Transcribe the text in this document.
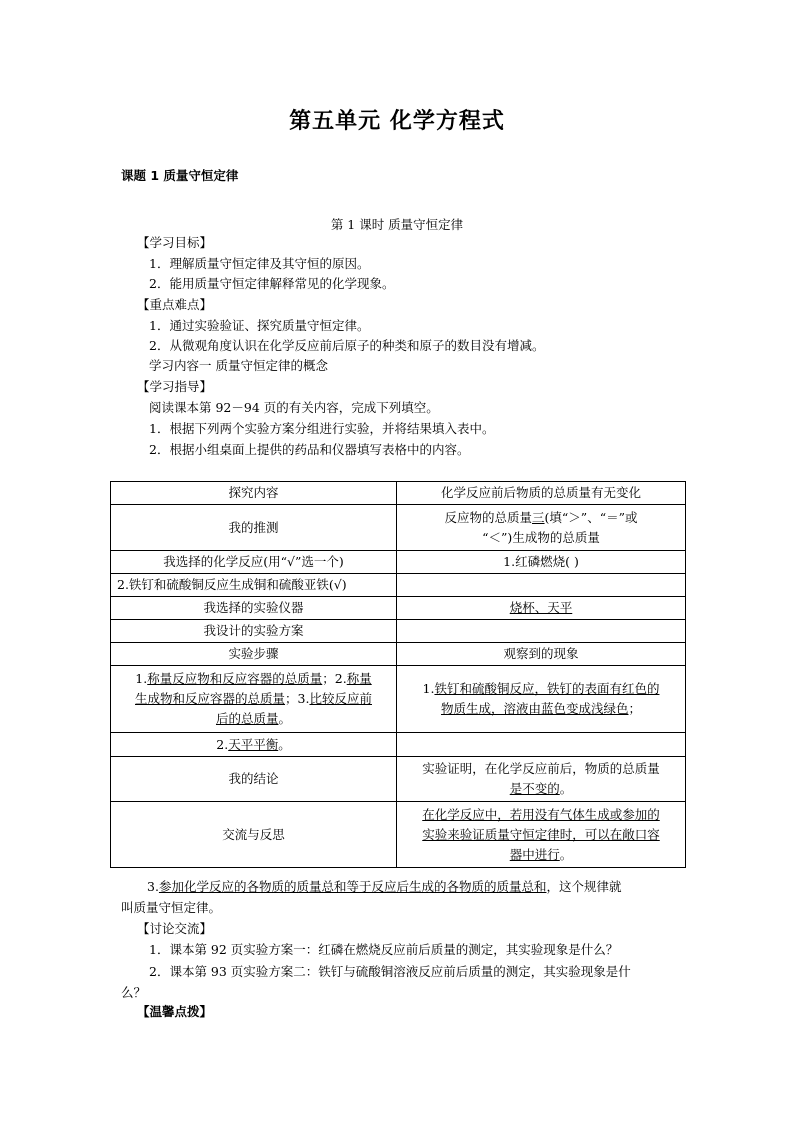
第五单元 化学方程式
课题 1 质量守恒定律
第 1 课时 质量守恒定律
【学习目标】
1．理解质量守恒定律及其守恒的原因。
2．能用质量守恒定律解释常见的化学现象。
【重点难点】
1．通过实验验证、探究质量守恒定律。
2．从微观角度认识在化学反应前后原子的种类和原子的数目没有增减。
学习内容一 质量守恒定律的概念
【学习指导】
阅读课本第 92－94 页的有关内容，完成下列填空。
1．根据下列两个实验方案分组进行实验，并将结果填入表中。
2．根据小组桌面上提供的药品和仪器填写表格中的内容。
探究内容	化学反应前后物质的总质量有无变化
我的推测	反应物的总质量三(填“＞”、“＝”或
“＜”)生成物的总质量
我选择的化学反应(用“√”选一个)	1.红磷燃烧( )
2.铁钉和硫酸铜反应生成铜和硫酸亚铁(√)	
我选择的实验仪器	烧杯、天平
我设计的实验方案	
实验步骤	观察到的现象
1.称量反应物和反应容器的总质量；2.称量
生成物和反应容器的总质量；3.比较反应前
后的总质量。	1.铁钉和硫酸铜反应，铁钉的表面有红色的
物质生成，溶液由蓝色变成浅绿色；
2.天平平衡。	
我的结论	实验证明，在化学反应前后，物质的总质量
是不变的。
交流与反思	在化学反应中，若用没有气体生成或参加的
实验来验证质量守恒定律时，可以在敞口容
器中进行。
3.参加化学反应的各物质的质量总和等于反应后生成的各物质的质量总和，这个规律就
叫质量守恒定律。
【讨论交流】
1．课本第 92 页实验方案一：红磷在燃烧反应前后质量的测定，其实验现象是什么？
2．课本第 93 页实验方案二：铁钉与硫酸铜溶液反应前后质量的测定，其实验现象是什
么？
【温馨点拨】
